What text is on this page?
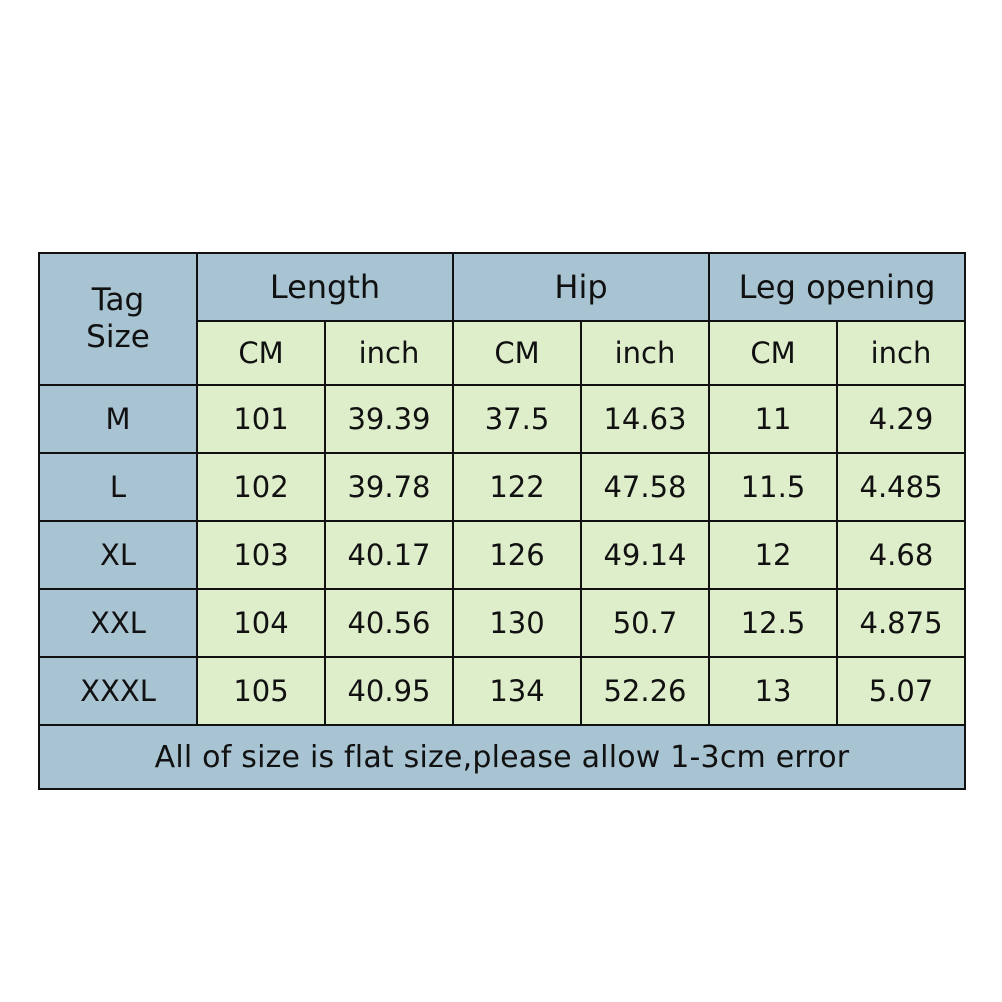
Tag
Size	Length		Hip		Leg opening	
	CM	inch	CM	inch	CM	inch
M	101	39.39	37.5	14.63	11	4.29
L	102	39.78	122	47.58	11.5	4.485
XL	103	40.17	126	49.14	12	4.68
XXL	104	40.56	130	50.7	12.5	4.875
XXXL	105	40.95	134	52.26	13	5.07
All of size is flat size,please allow 1-3cm error						
